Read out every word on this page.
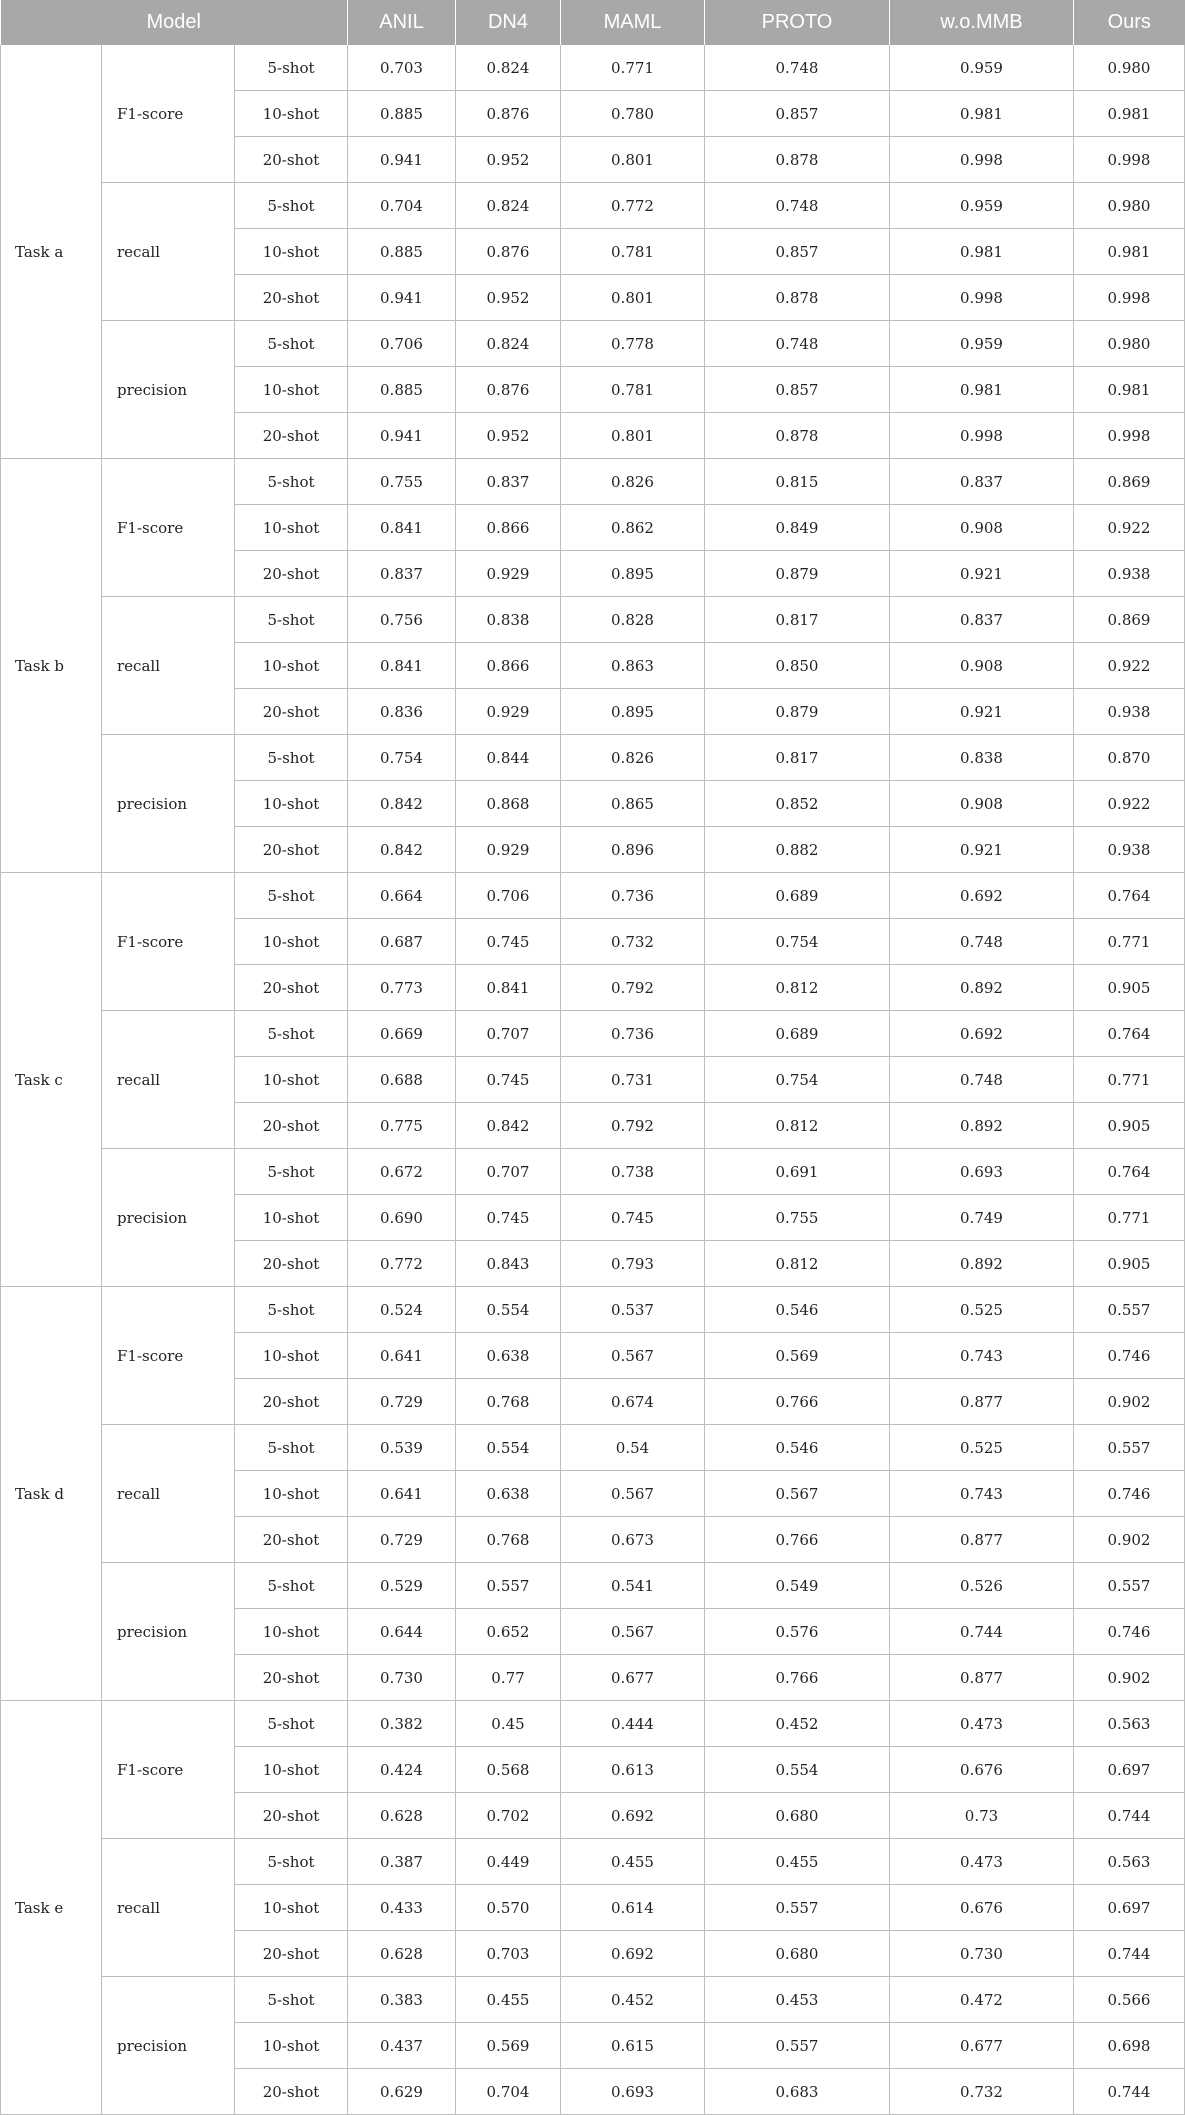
Model			ANIL	DN4	MAML	PROTO	w.o.MMB	Ours
Task a	F1-score	5-shot	0.703	0.824	0.771	0.748	0.959	0.980
		10-shot	0.885	0.876	0.780	0.857	0.981	0.981
		20-shot	0.941	0.952	0.801	0.878	0.998	0.998
	recall	5-shot	0.704	0.824	0.772	0.748	0.959	0.980
		10-shot	0.885	0.876	0.781	0.857	0.981	0.981
		20-shot	0.941	0.952	0.801	0.878	0.998	0.998
	precision	5-shot	0.706	0.824	0.778	0.748	0.959	0.980
		10-shot	0.885	0.876	0.781	0.857	0.981	0.981
		20-shot	0.941	0.952	0.801	0.878	0.998	0.998
Task b	F1-score	5-shot	0.755	0.837	0.826	0.815	0.837	0.869
		10-shot	0.841	0.866	0.862	0.849	0.908	0.922
		20-shot	0.837	0.929	0.895	0.879	0.921	0.938
	recall	5-shot	0.756	0.838	0.828	0.817	0.837	0.869
		10-shot	0.841	0.866	0.863	0.850	0.908	0.922
		20-shot	0.836	0.929	0.895	0.879	0.921	0.938
	precision	5-shot	0.754	0.844	0.826	0.817	0.838	0.870
		10-shot	0.842	0.868	0.865	0.852	0.908	0.922
		20-shot	0.842	0.929	0.896	0.882	0.921	0.938
Task c	F1-score	5-shot	0.664	0.706	0.736	0.689	0.692	0.764
		10-shot	0.687	0.745	0.732	0.754	0.748	0.771
		20-shot	0.773	0.841	0.792	0.812	0.892	0.905
	recall	5-shot	0.669	0.707	0.736	0.689	0.692	0.764
		10-shot	0.688	0.745	0.731	0.754	0.748	0.771
		20-shot	0.775	0.842	0.792	0.812	0.892	0.905
	precision	5-shot	0.672	0.707	0.738	0.691	0.693	0.764
		10-shot	0.690	0.745	0.745	0.755	0.749	0.771
		20-shot	0.772	0.843	0.793	0.812	0.892	0.905
Task d	F1-score	5-shot	0.524	0.554	0.537	0.546	0.525	0.557
		10-shot	0.641	0.638	0.567	0.569	0.743	0.746
		20-shot	0.729	0.768	0.674	0.766	0.877	0.902
	recall	5-shot	0.539	0.554	0.54	0.546	0.525	0.557
		10-shot	0.641	0.638	0.567	0.567	0.743	0.746
		20-shot	0.729	0.768	0.673	0.766	0.877	0.902
	precision	5-shot	0.529	0.557	0.541	0.549	0.526	0.557
		10-shot	0.644	0.652	0.567	0.576	0.744	0.746
		20-shot	0.730	0.77	0.677	0.766	0.877	0.902
Task e	F1-score	5-shot	0.382	0.45	0.444	0.452	0.473	0.563
		10-shot	0.424	0.568	0.613	0.554	0.676	0.697
		20-shot	0.628	0.702	0.692	0.680	0.73	0.744
	recall	5-shot	0.387	0.449	0.455	0.455	0.473	0.563
		10-shot	0.433	0.570	0.614	0.557	0.676	0.697
		20-shot	0.628	0.703	0.692	0.680	0.730	0.744
	precision	5-shot	0.383	0.455	0.452	0.453	0.472	0.566
		10-shot	0.437	0.569	0.615	0.557	0.677	0.698
		20-shot	0.629	0.704	0.693	0.683	0.732	0.744
